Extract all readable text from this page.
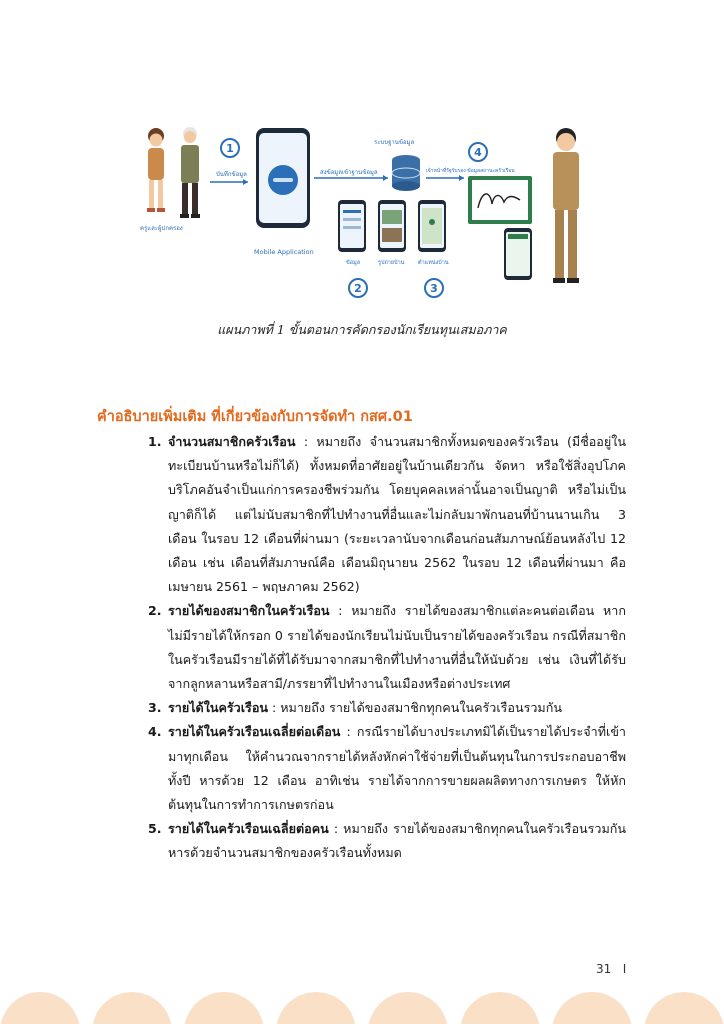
ครูและผู้ปกครอง
1
บันทึกข้อมูล
Mobile Application
ส่งข้อมูลเข้าฐานข้อมูล
ระบบฐานข้อมูล
4
เจ้าหน้าที่รัฐรับรอง ข้อมูลสถานะครัวเรือน
ข้อมูล	รูปถ่ายบ้าน ตำแหน่งบ้าน
2	3
แผนภาพที่ 1 ขั้นตอนการคัดกรองนักเรียนทุนเสมอภาค
คำอธิบายเพิ่มเติม ที่เกี่ยวข้องกับการจัดทำ กสศ.01
1. จำนวนสมาชิกครัวเรือน : หมายถึง จำนวนสมาชิกทั้งหมดของครัวเรือน (มีชื่ออยู่ในทะเบียนบ้านหรือไม่ก็ได้) ทั้งหมดที่อาศัยอยู่ในบ้านเดียวกัน จัดหา หรือใช้สิ่งอุปโภคบริโภคอันจำเป็นแก่การครองชีพร่วมกัน โดยบุคคลเหล่านั้นอาจเป็นญาติ หรือไม่เป็นญาติก็ได้ แต่ไม่นับสมาชิกที่ไปทำงานที่อื่นและไม่กลับมาพักนอนที่บ้านนานเกิน 3 เดือน ในรอบ 12 เดือนที่ผ่านมา (ระยะเวลานับจากเดือนก่อนสัมภาษณ์ย้อนหลังไป 12 เดือน เช่น เดือนที่สัมภาษณ์คือ เดือนมิถุนายน 2562 ในรอบ 12 เดือนที่ผ่านมา คือ เมษายน 2561 – พฤษภาคม 2562)
2. รายได้ของสมาชิกในครัวเรือน : หมายถึง รายได้ของสมาชิกแต่ละคนต่อเดือน หากไม่มีรายได้ให้กรอก 0 รายได้ของนักเรียนไม่นับเป็นรายได้ของครัวเรือน กรณีที่สมาชิกในครัวเรือนมีรายได้ที่ได้รับมาจากสมาชิกที่ไปทำงานที่อื่นให้นับด้วย เช่น เงินที่ได้รับจากลูกหลานหรือสามี/ภรรยาที่ไปทำงานในเมืองหรือต่างประเทศ
3. รายได้ในครัวเรือน : หมายถึง รายได้ของสมาชิกทุกคนในครัวเรือนรวมกัน
4. รายได้ในครัวเรือนเฉลี่ยต่อเดือน : กรณีรายได้บางประเภทมิได้เป็นรายได้ประจำที่เข้ามาทุกเดือน ให้คำนวณจากรายได้หลังหักค่าใช้จ่ายที่เป็นต้นทุนในการประกอบอาชีพทั้งปี หารด้วย 12 เดือน อาทิเช่น รายได้จากการขายผลผลิตทางการเกษตร ให้หักต้นทุนในการทำการเกษตรก่อน
5. รายได้ในครัวเรือนเฉลี่ยต่อคน : หมายถึง รายได้ของสมาชิกทุกคนในครัวเรือนรวมกัน หารด้วยจำนวนสมาชิกของครัวเรือนทั้งหมด
31 I
